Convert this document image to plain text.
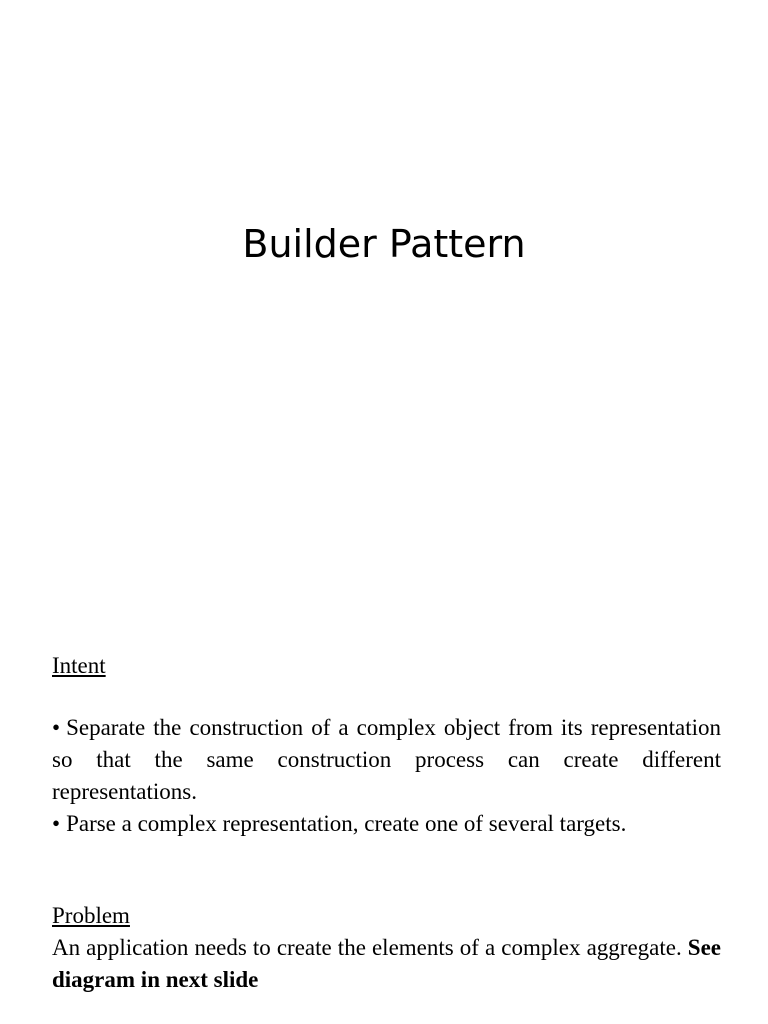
Builder Pattern
Intent

• Separate the construction of a complex object from its representation so that the same construction process can create different representations.

• Parse a complex representation, create one of several targets.

Problem

An application needs to create the elements of a complex aggregate. See diagram in next slide
